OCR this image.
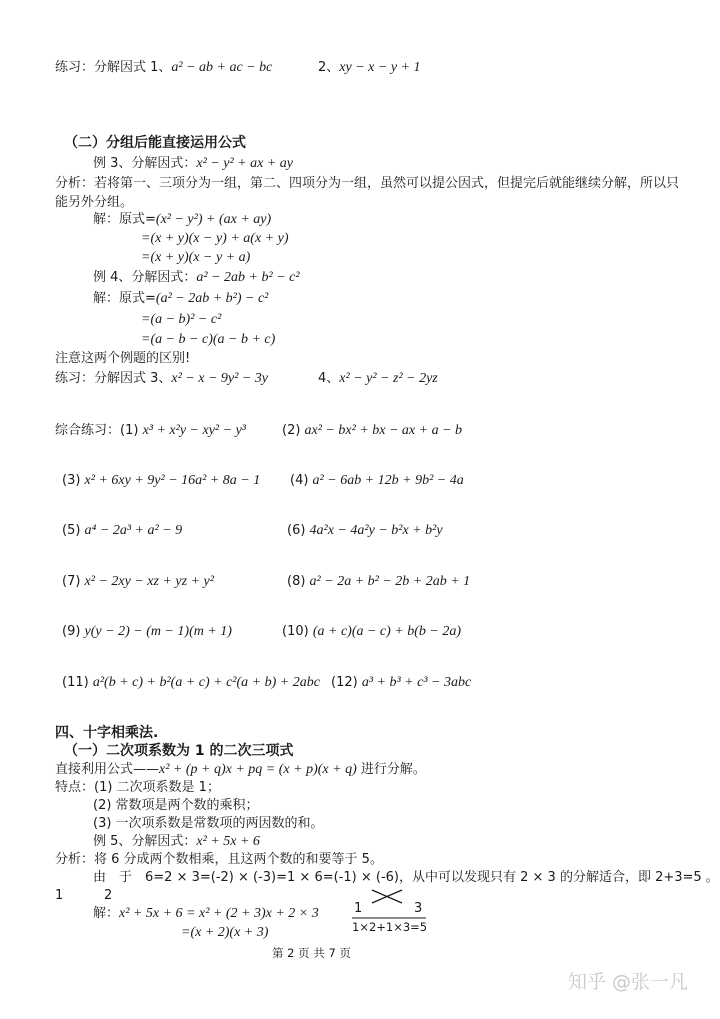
练习：分解因式 1、a² − ab + ac − bc	2、xy − x − y + 1
（二）分组后能直接运用公式
例 3、分解因式：x² − y² + ax + ay
分析：若将第一、三项分为一组，第二、四项分为一组，虽然可以提公因式，但提完后就能继续分解，所以只
能另外分组。
解：原式=(x² − y²) + (ax + ay)
=(x + y)(x − y) + a(x + y)
=(x + y)(x − y + a)
例 4、分解因式：a² − 2ab + b² − c²
解：原式=(a² − 2ab + b²) − c²
=(a − b)² − c²
=(a − b − c)(a − b + c)
注意这两个例题的区别!
练习：分解因式 3、x² − x − 9y² − 3y	4、x² − y² − z² − 2yz
综合练习：(1) x³ + x²y − xy² − y³	(2) ax² − bx² + bx − ax + a − b
(3) x² + 6xy + 9y² − 16a² + 8a − 1 (4) a² − 6ab + 12b + 9b² − 4a
(5) a⁴ − 2a³ + a² − 9	(6) 4a²x − 4a²y − b²x + b²y
(7) x² − 2xy − xz + yz + y²	(8) a² − 2a + b² − 2b + 2ab + 1
(9) y(y − 2) − (m − 1)(m + 1)	(10) (a + c)(a − c) + b(b − 2a)
(11) a²(b + c) + b²(a + c) + c²(a + b) + 2abc (12) a³ + b³ + c³ − 3abc
四、十字相乘法.
（一）二次项系数为 1 的二次三项式
直接利用公式——x² + (p + q)x + pq = (x + p)(x + q) 进行分解。
特点：(1) 二次项系数是 1；
(2) 常数项是两个数的乘积；
(3) 一次项系数是常数项的两因数的和。
例 5、分解因式：x² + 5x + 6
分析：将 6 分成两个数相乘，且这两个数的和要等于 5。
由　于　6=2 × 3=(-2) × (-3)=1 × 6=(-1) × (-6)，从中可以发现只有 2 × 3 的分解适合，即 2+3=5 。
1	2
解：x² + 5x + 6 = x² + (2 + 3)x + 2 × 3
=(x + 2)(x + 3)
1	3
1×2+1×3=5
第 2 页 共 7 页
知乎 @张一凡
